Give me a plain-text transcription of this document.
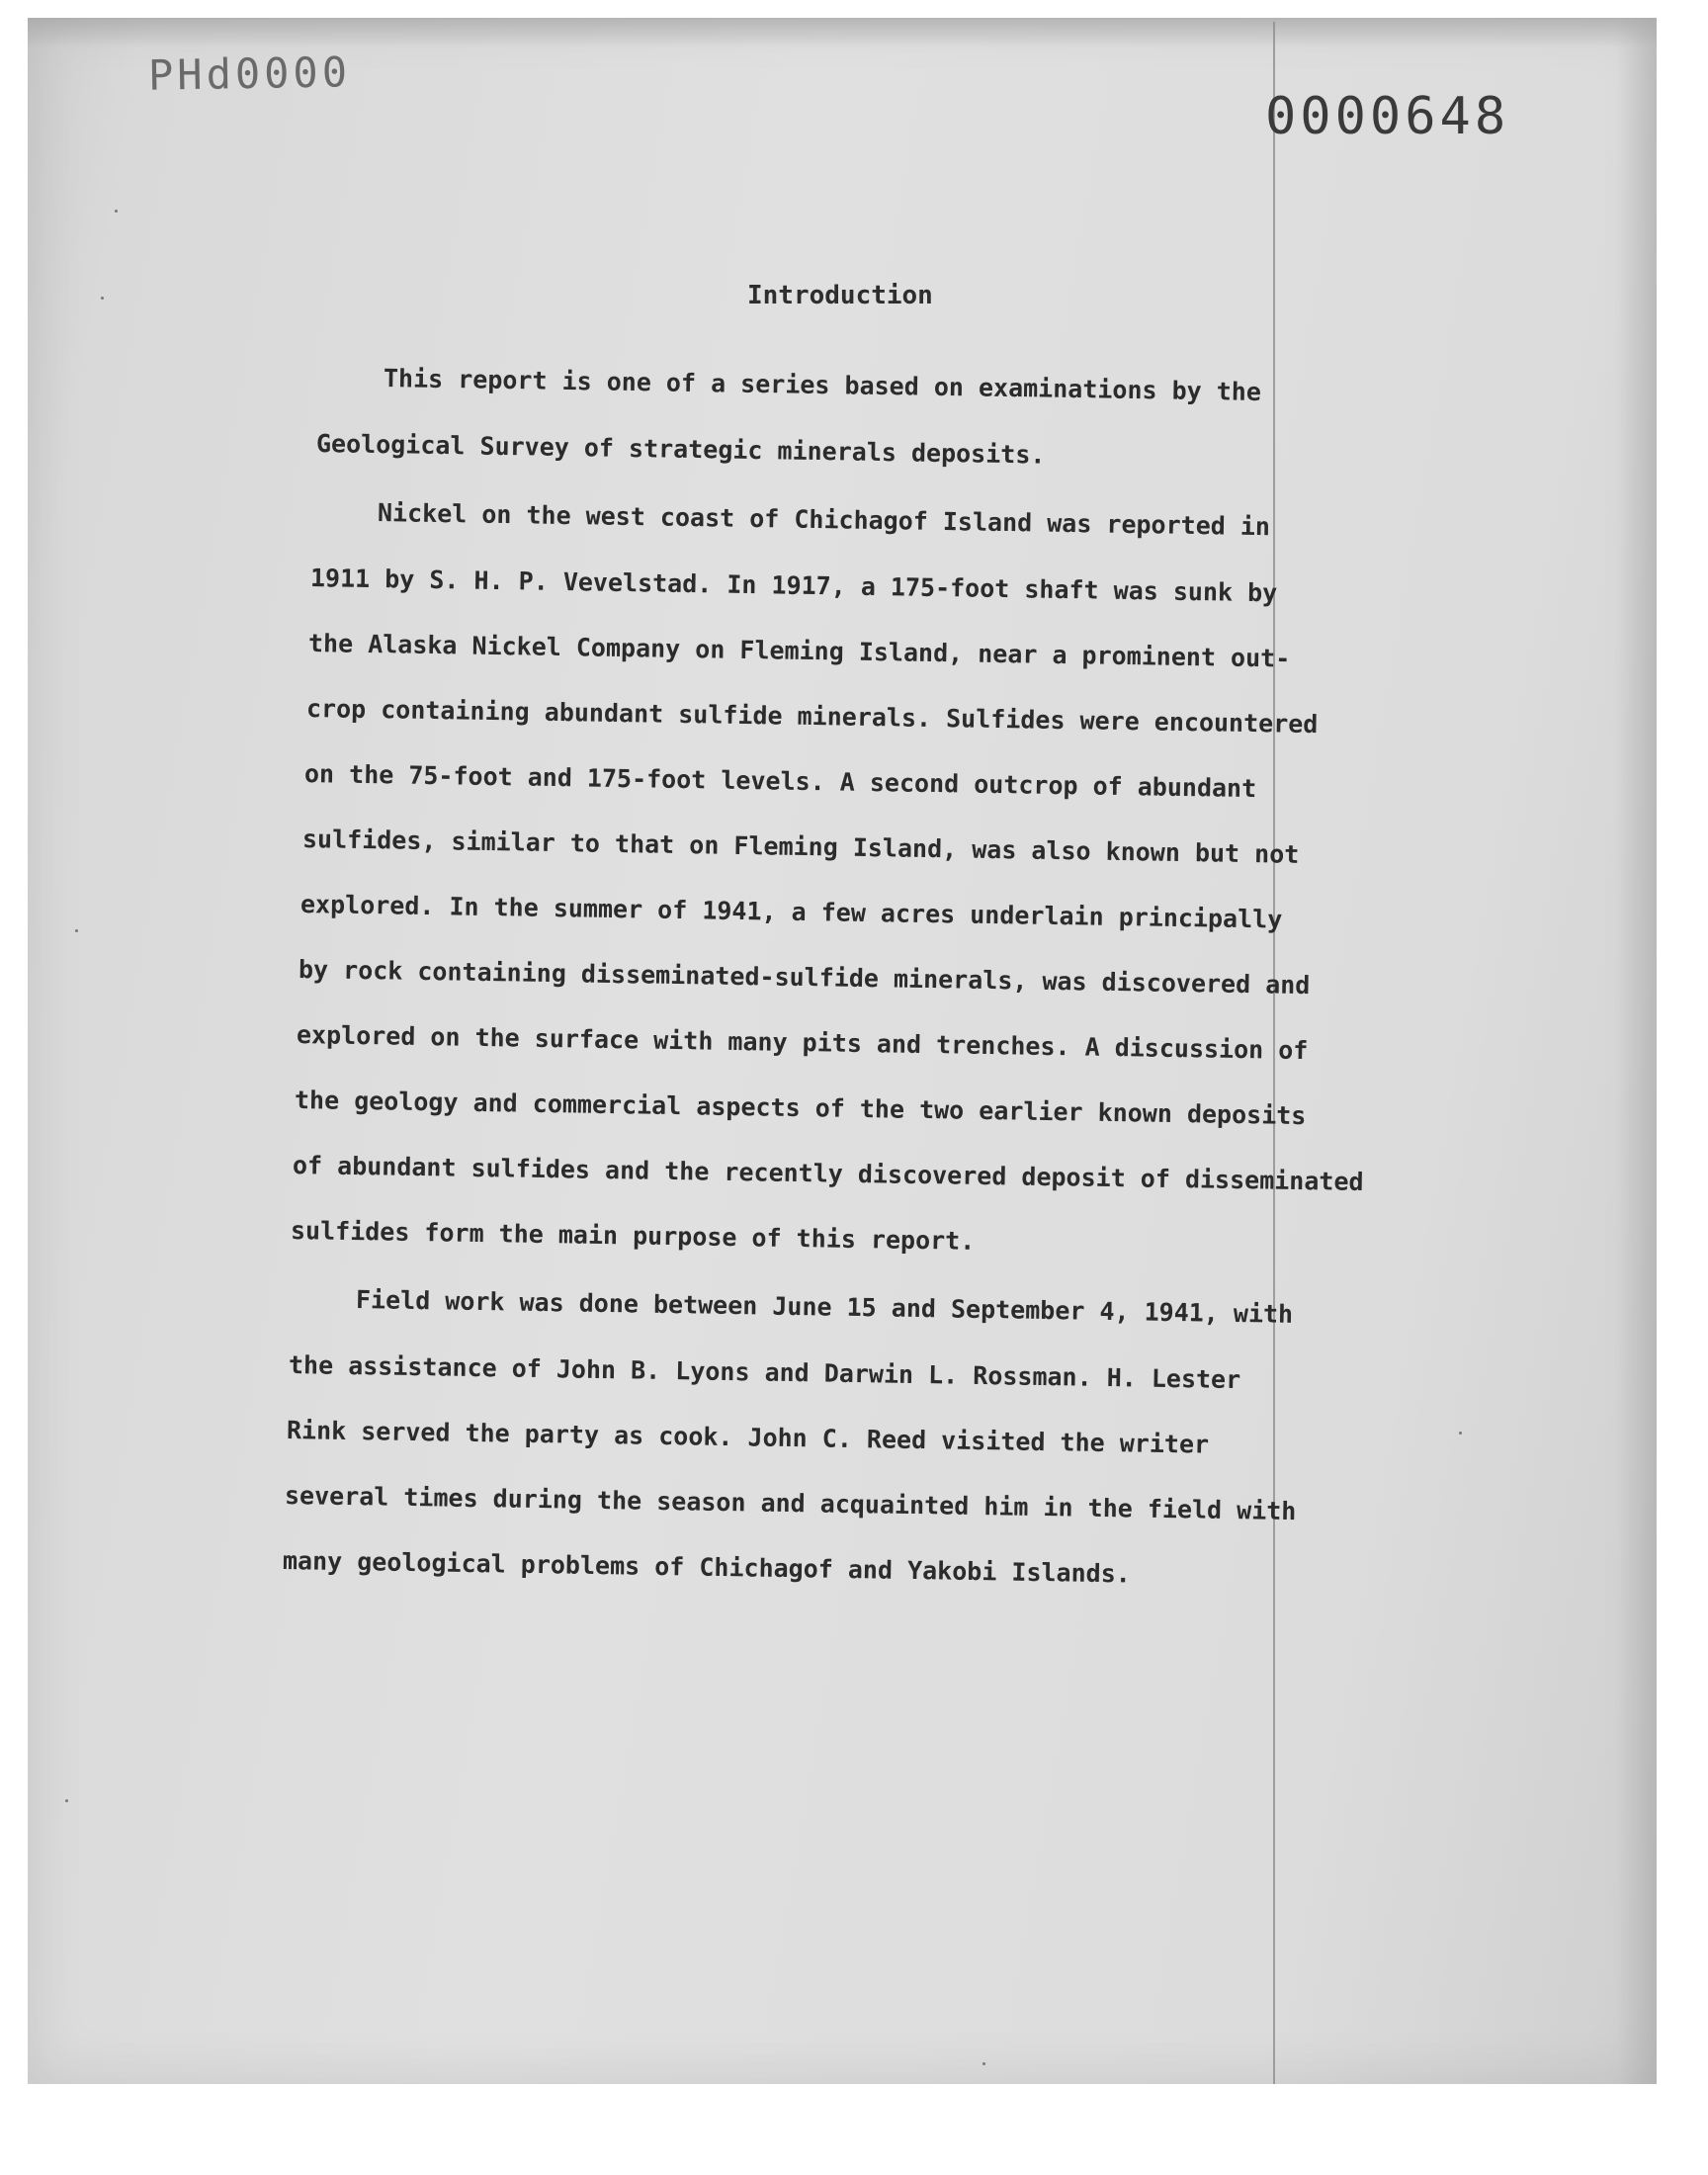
PHd0000
0000648
Introduction
This report is one of a series based on examinations by the
Geological Survey of strategic minerals deposits.
Nickel on the west coast of Chichagof Island was reported in
1911 by S. H. P. Vevelstad. In 1917, a 175-foot shaft was sunk by
the Alaska Nickel Company on Fleming Island, near a prominent out-
crop containing abundant sulfide minerals. Sulfides were encountered
on the 75-foot and 175-foot levels. A second outcrop of abundant
sulfides, similar to that on Fleming Island, was also known but not
explored. In the summer of 1941, a few acres underlain principally
by rock containing disseminated-sulfide minerals, was discovered and
explored on the surface with many pits and trenches. A discussion of
the geology and commercial aspects of the two earlier known deposits
of abundant sulfides and the recently discovered deposit of disseminated
sulfides form the main purpose of this report.
Field work was done between June 15 and September 4, 1941, with
the assistance of John B. Lyons and Darwin L. Rossman. H. Lester
Rink served the party as cook. John C. Reed visited the writer
several times during the season and acquainted him in the field with
many geological problems of Chichagof and Yakobi Islands.
